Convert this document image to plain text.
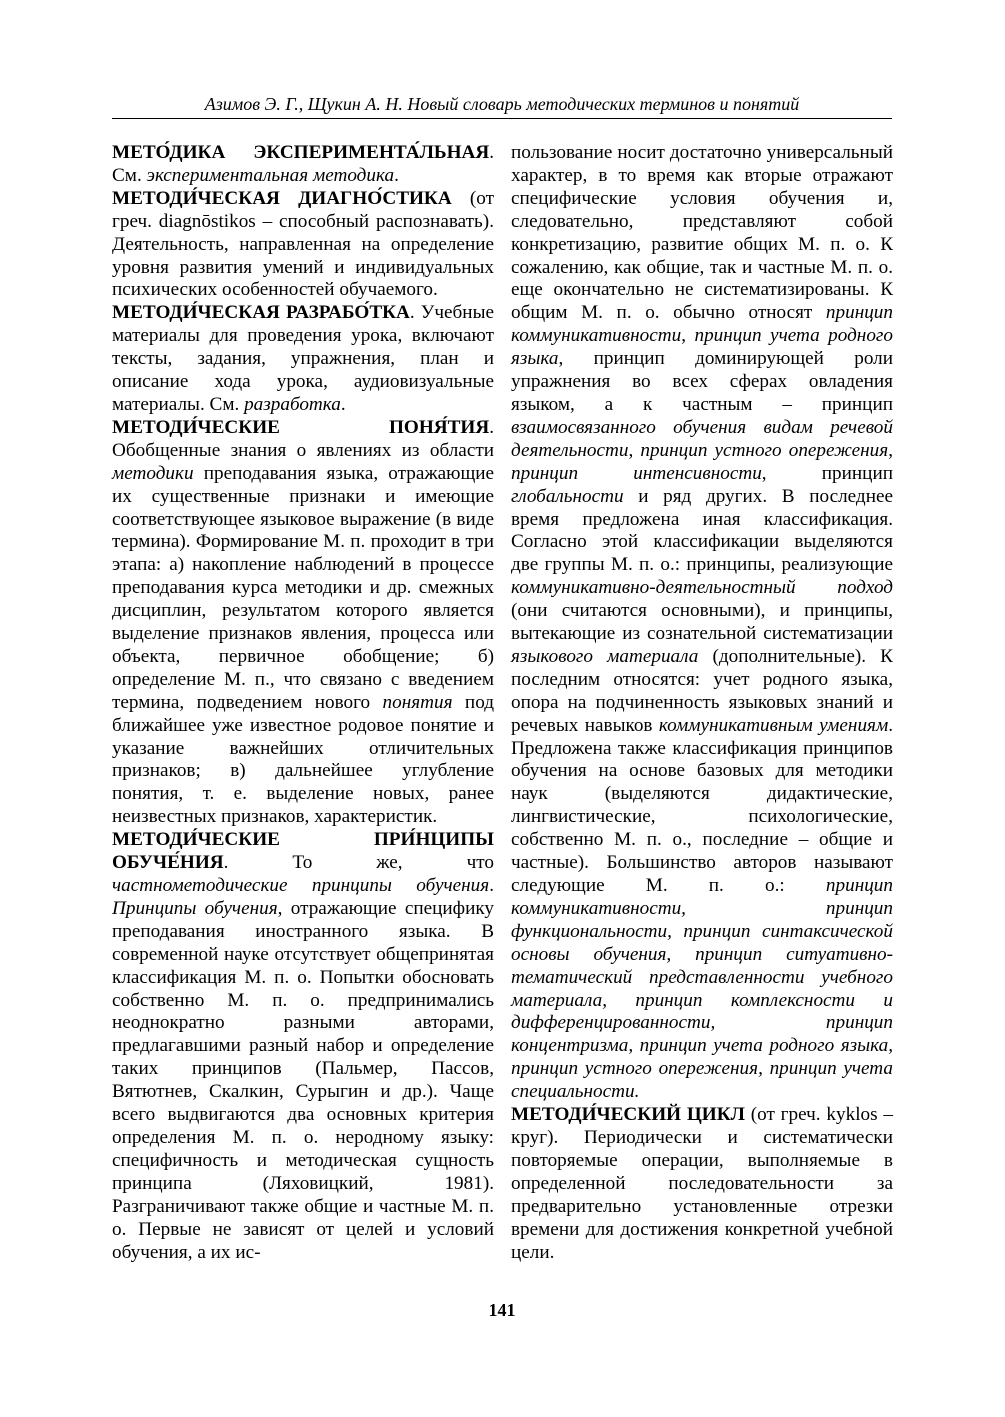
Азимов Э. Г., Щукин А. Н. Новый словарь методических терминов и понятий

МЕТО́ДИКА ЭКСПЕРИМЕНТА́ЛЬНАЯ. См. экспериментальная методика.

МЕТОДИ́ЧЕСКАЯ ДИАГНО́СТИКА (от греч. diagnōstikos – способный распознавать). Деятельность, направленная на определение уровня развития умений и индивидуальных психических особенностей обучаемого.

МЕТОДИ́ЧЕСКАЯ РАЗРАБО́ТКА. Учебные материалы для проведения урока, включают тексты, задания, упражнения, план и описание хода урока, аудиовизуальные материалы. См. разработка.

МЕТОДИ́ЧЕСКИЕ ПОНЯ́ТИЯ. Обобщенные знания о явлениях из области методики преподавания языка, отражающие их существенные признаки и имеющие соответствующее языковое выражение (в виде термина). Формирование М. п. проходит в три этапа: а) накопление наблюдений в процессе преподавания курса методики и др. смежных дисциплин, результатом которого является выделение признаков явления, процесса или объекта, первичное обобщение; б) определение М. п., что связано с введением термина, подведением нового понятия под ближайшее уже известное родовое понятие и указание важнейших отличительных признаков; в) дальнейшее углубление понятия, т. е. выделение новых, ранее неизвестных признаков, характеристик.

МЕТОДИ́ЧЕСКИЕ ПРИ́НЦИПЫ ОБУЧЕ́НИЯ. То же, что частнометодические принципы обучения. Принципы обучения, отражающие специфику преподавания иностранного языка. В современной науке отсутствует общепринятая классификация М. п. о. Попытки обосновать собственно М. п. о. предпринимались неоднократно разными авторами, предлагавшими разный набор и определение таких принципов (Пальмер, Пассов, Вятютнев, Скалкин, Сурыгин и др.). Чаще всего выдвигаются два основных критерия определения М. п. о. неродному языку: специфичность и методическая сущность принципа (Ляховицкий, 1981). Разграничивают также общие и частные М. п. о. Первые не зависят от целей и условий обучения, а их ис-

пользование носит достаточно универсальный характер, в то время как вторые отражают специфические условия обучения и, следовательно, представляют собой конкретизацию, развитие общих М. п. о. К сожалению, как общие, так и частные М. п. о. еще окончательно не систематизированы. К общим М. п. о. обычно относят принцип коммуникативности, принцип учета родного языка, принцип доминирующей роли упражнения во всех сферах овладения языком, а к частным – принцип взаимосвязанного обучения видам речевой деятельности, принцип устного опережения, принцип интенсивности, принцип глобальности и ряд других. В последнее время предложена иная классификация. Согласно этой классификации выделяются две группы М. п. о.: принципы, реализующие коммуникативно-деятельностный подход (они считаются основными), и принципы, вытекающие из сознательной систематизации языкового материала (дополнительные). К последним относятся: учет родного языка, опора на подчиненность языковых знаний и речевых навыков коммуникативным умениям. Предложена также классификация принципов обучения на основе базовых для методики наук (выделяются дидактические, лингвистические, психологические, собственно М. п. о., последние – общие и частные). Большинство авторов называют следующие М. п. о.: принцип коммуникативности, принцип функциональности, принцип синтаксической основы обучения, принцип ситуативно-тематический представленности учебного материала, принцип комплексности и дифференцированности, принцип концентризма, принцип учета родного языка, принцип устного опережения, принцип учета специальности.

МЕТОДИ́ЧЕСКИЙ ЦИКЛ (от греч. kyklos – круг). Периодически и систематически повторяемые операции, выполняемые в определенной последовательности за предварительно установленные отрезки времени для достижения конкретной учебной цели.

141
